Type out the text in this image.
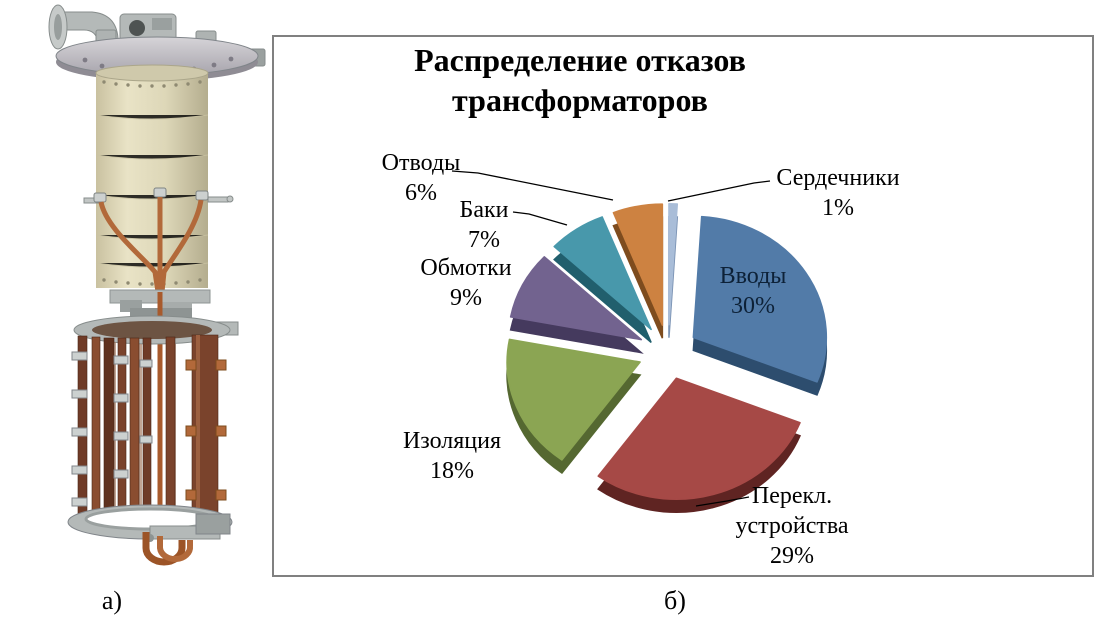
а)
Распределение отказов
трансформаторов
Сердечники
1%
Вводы
30%
Перекл.
устройства
29%
Изоляция
18%
Обмотки
9%
Баки
7%
Отводы
6%
б)
